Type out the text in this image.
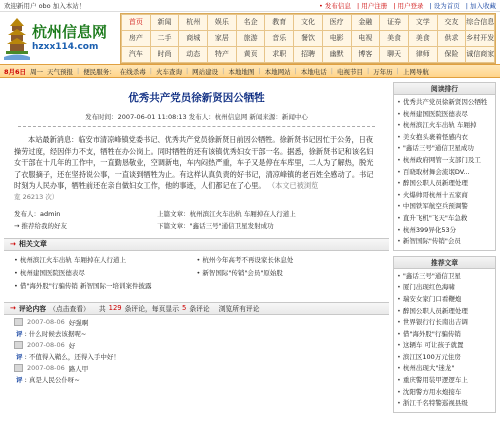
欢迎新用户 obo 加入本站！	• 发布信息 | 用户注册 | 用户登录 | 设为首页 | 加入收藏
杭州信息网
hzxx114.com
首页	新闻	杭州	娱乐	名企	教育	文化	医疗	金融	证券	文学	交友	综合信息
房产	二手	商城	家居	旅游	音乐	餐饮	电影	电视	美食	美食	供求	乡村开发
汽车	时尚	动态	特产	黄页	求职	招聘	幽默	博客	聊天	律师	保险	诚信商家
8月6日 周一 天气预报 | 便民服务： 在线杀毒 | 火车查询 | 网站建设 | 本地地图 | 本地网站 | 本地电话 | 电视节目 | 万年历 | 上网导航
优秀共产党员徐新贤因公牺牲
发布时间：2007-06-01 11:08:13 发布人：杭州信息网 新闻来源：新闻中心
本站最新消息：临安市清凉峰镇党委书记、优秀共产党员徐新贤日前因公牺牲。徐新贤书记因忙于公务，日夜操劳过度，经因伴力不支，牺牲在办公岗上。同时牺牲的还有该镇优秀妇女干部一名。据悉，徐新贤书记和该名妇女干部在十几年的工作中，一直勤恳敬业，空调新电，车内闷热严重，车子又是停在车库里，二人为了解热，脱光了衣服摘子，还在坚持说公事，一直谈到牺牲为止。有这样认真负责的好书记，清凉峰镇的老百姓全感动了。书记时刻为人民办事，牺牲前还在亲自做妇女工作，他的事迹，人们都记在了心里。 （本文已被浏览
览 26213 次）
发布人：admin	上篇文章：杭州滨江火车出轨 车厢掉在人行道上
→ 推荐给我的好友	下篇文章："鑫话三号"通信卫星发射成功
→ 相关文章
• 杭州滨江火车出轨 车厢掉在人行道上	• 杭州今年高考不再设家长休息处
• 杭州建国医院医德表尽	• 新智国际"传销"会员"原始股
• 借"海外股"行骗传销 新智国际一培训案件披露
→ 评论内容 （点击查看） 共 129 条评论，每页显示 5 条评论 浏览所有评论
2007-08-06 好强啊
评 : 什么时候去该据呢~
2007-08-06 好
评 : 不值得入鞘么，还得入手中好！
2007-08-06 路人甲
评 : 真是人民公仆呀~
阅读排行
• 优秀共产党员徐新贤因公牺牲
• 杭州建国医院医德表尽
• 杭州滨江火车出轨 车厢掉
• 美女抱头裹着怪感内衣
• "鑫话三号"通信卫星成功
• 杭州政府网管一支部门及工
• 百晓取材舞会流氓DV...
• 醉国公职人员新理处理
• 火爆帅哥杭州十五家商
• 中国铁军航空兵预调警
• 直升飞机"飞天"车急救
• 杭州399异化53分
• 新智国际"传销"会员
推荐文章
• "鑫话三号"通信卫星
• 厦门出现红色海啸
• 瑞安女家门口看鞭炮
• 醉国公职人员新理处理
• 世界银行行长南出吉调
• 借"海外股"行骗传销
• 这辆车 可让孩子就置
• 滨江区100万元住房
• 杭州出现大"迷龙"
• 重庆警用装甲逻逻车上
• 沈阳警方用水炮接车
• 浙江千名特警巡视县级
